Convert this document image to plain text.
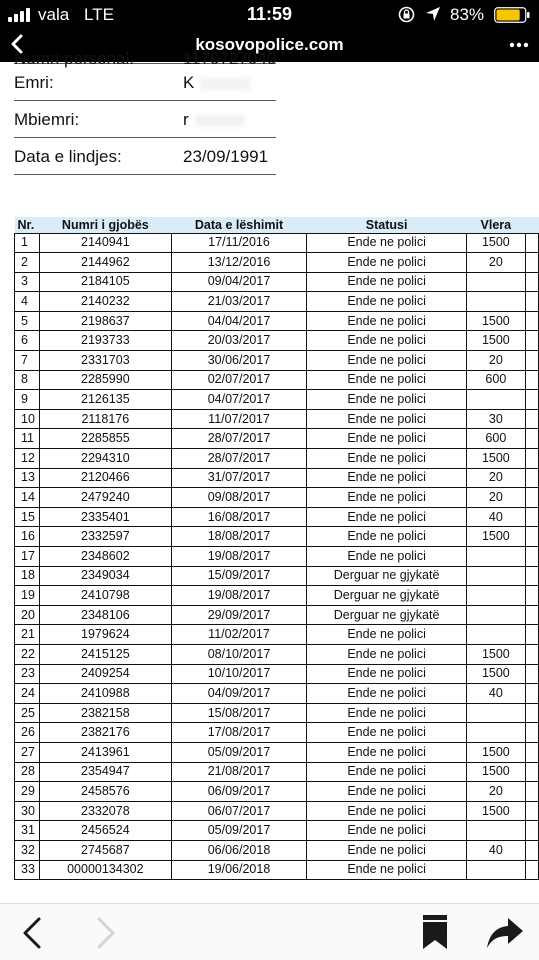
vala LTE	11:59	83%
kosovopolice.com
Numri personal:	1179727040
Emri:	K
Mbiemri:	r
Data e lindjes:	23/09/1991
Nr.	Numri i gjobës	Data e lëshimit	Statusi	Vlera	
1	2140941	17/11/2016	Ende ne polici	1500	
2	2144962	13/12/2016	Ende ne polici	20	
3	2184105	09/04/2017	Ende ne polici		
4	2140232	21/03/2017	Ende ne polici		
5	2198637	04/04/2017	Ende ne polici	1500	
6	2193733	20/03/2017	Ende ne polici	1500	
7	2331703	30/06/2017	Ende ne polici	20	
8	2285990	02/07/2017	Ende ne polici	600	
9	2126135	04/07/2017	Ende ne polici		
10	2118176	11/07/2017	Ende ne polici	30	
11	2285855	28/07/2017	Ende ne polici	600	
12	2294310	28/07/2017	Ende ne polici	1500	
13	2120466	31/07/2017	Ende ne polici	20	
14	2479240	09/08/2017	Ende ne polici	20	
15	2335401	16/08/2017	Ende ne polici	40	
16	2332597	18/08/2017	Ende ne polici	1500	
17	2348602	19/08/2017	Ende ne polici		
18	2349034	15/09/2017	Derguar ne gjykatë		
19	2410798	19/08/2017	Derguar ne gjykatë		
20	2348106	29/09/2017	Derguar ne gjykatë		
21	1979624	11/02/2017	Ende ne polici		
22	2415125	08/10/2017	Ende ne polici	1500	
23	2409254	10/10/2017	Ende ne polici	1500	
24	2410988	04/09/2017	Ende ne polici	40	
25	2382158	15/08/2017	Ende ne polici		
26	2382176	17/08/2017	Ende ne polici		
27	2413961	05/09/2017	Ende ne polici	1500	
28	2354947	21/08/2017	Ende ne polici	1500	
29	2458576	06/09/2017	Ende ne polici	20	
30	2332078	06/07/2017	Ende ne polici	1500	
31	2456524	05/09/2017	Ende ne polici		
32	2745687	06/06/2018	Ende ne polici	40	
33	00000134302	19/06/2018	Ende ne polici		
